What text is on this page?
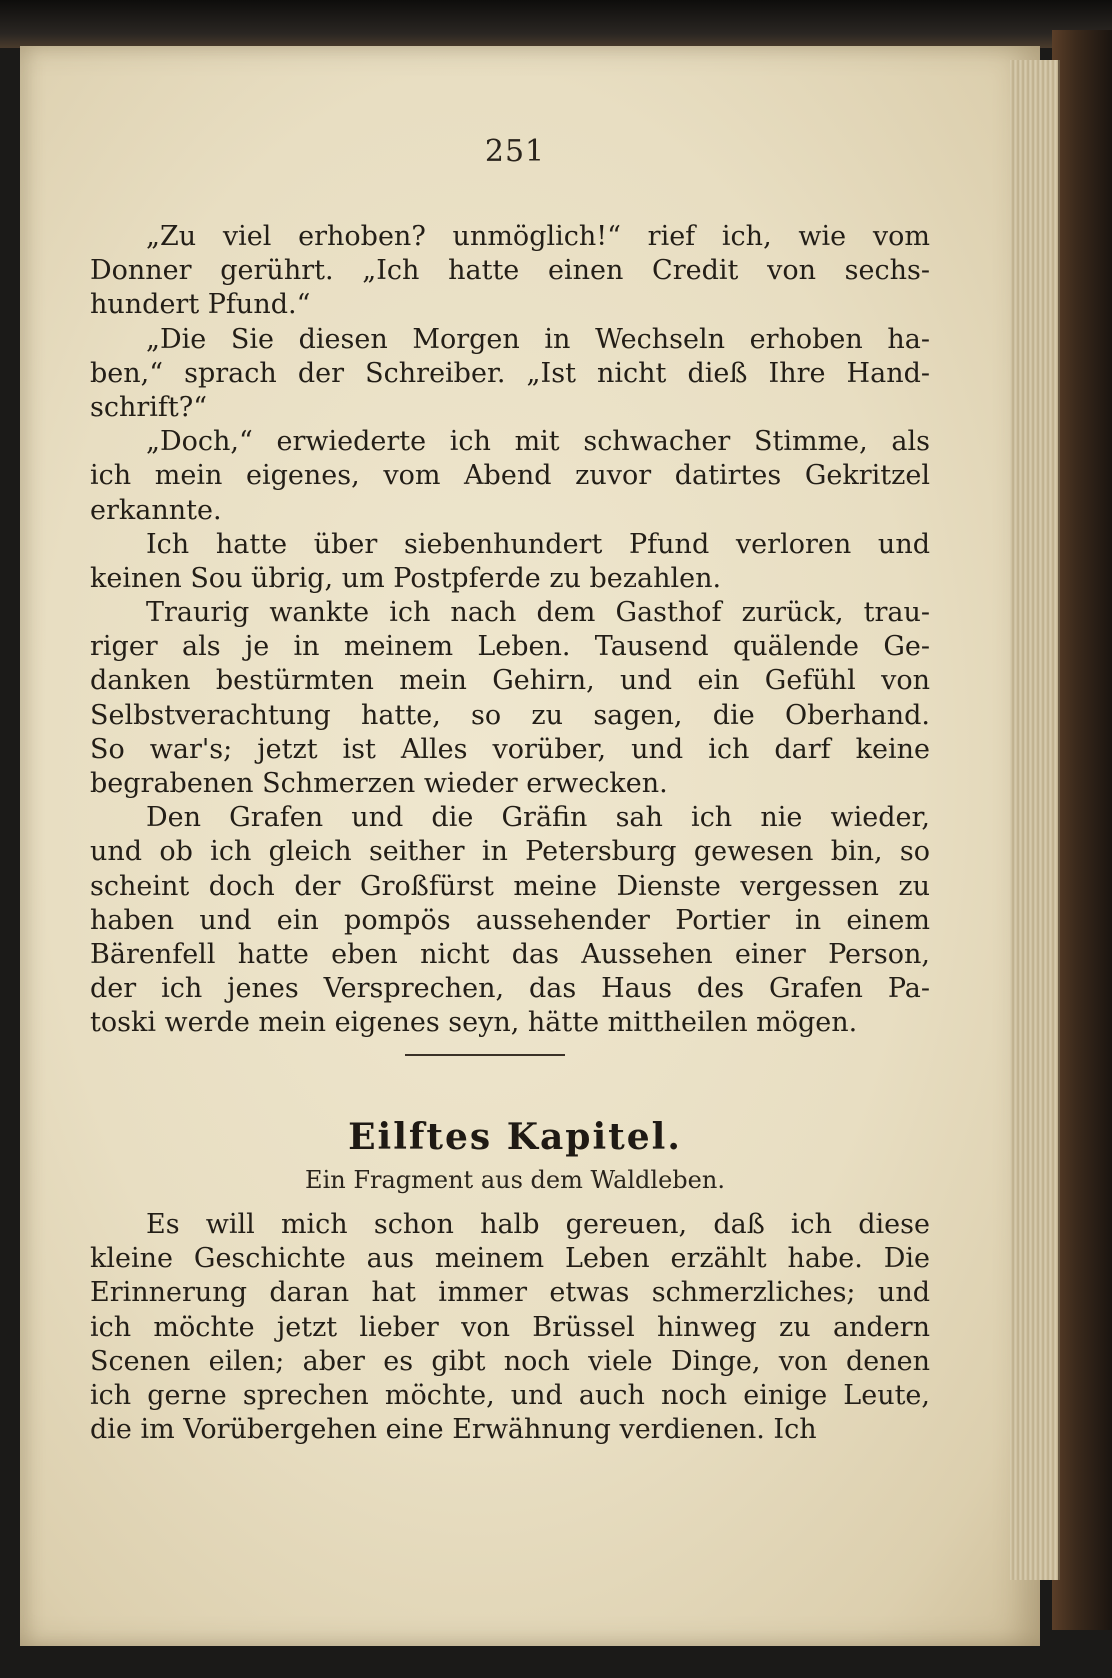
251
„Zu viel erhoben? unmöglich!“ rief ich, wie vom
Donner gerührt. „Ich hatte einen Credit von sechs-
hundert Pfund.“
„Die Sie diesen Morgen in Wechseln erhoben ha-
ben,“ sprach der Schreiber. „Ist nicht dieß Ihre Hand-
schrift?“
„Doch,“ erwiederte ich mit schwacher Stimme, als
ich mein eigenes, vom Abend zuvor datirtes Gekritzel
erkannte.
Ich hatte über siebenhundert Pfund verloren und
keinen Sou übrig, um Postpferde zu bezahlen.
Traurig wankte ich nach dem Gasthof zurück, trau-
riger als je in meinem Leben. Tausend quälende Ge-
danken bestürmten mein Gehirn, und ein Gefühl von
Selbstverachtung hatte, so zu sagen, die Oberhand.
So war's; jetzt ist Alles vorüber, und ich darf keine
begrabenen Schmerzen wieder erwecken.
Den Grafen und die Gräfin sah ich nie wieder,
und ob ich gleich seither in Petersburg gewesen bin, so
scheint doch der Großfürst meine Dienste vergessen zu
haben und ein pompös aussehender Portier in einem
Bärenfell hatte eben nicht das Aussehen einer Person,
der ich jenes Versprechen, das Haus des Grafen Pa-
toski werde mein eigenes seyn, hätte mittheilen mögen.
Eilftes Kapitel.
Ein Fragment aus dem Waldleben.
Es will mich schon halb gereuen, daß ich diese
kleine Geschichte aus meinem Leben erzählt habe. Die
Erinnerung daran hat immer etwas schmerzliches; und
ich möchte jetzt lieber von Brüssel hinweg zu andern
Scenen eilen; aber es gibt noch viele Dinge, von denen
ich gerne sprechen möchte, und auch noch einige Leute,
die im Vorübergehen eine Erwähnung verdienen. Ich
